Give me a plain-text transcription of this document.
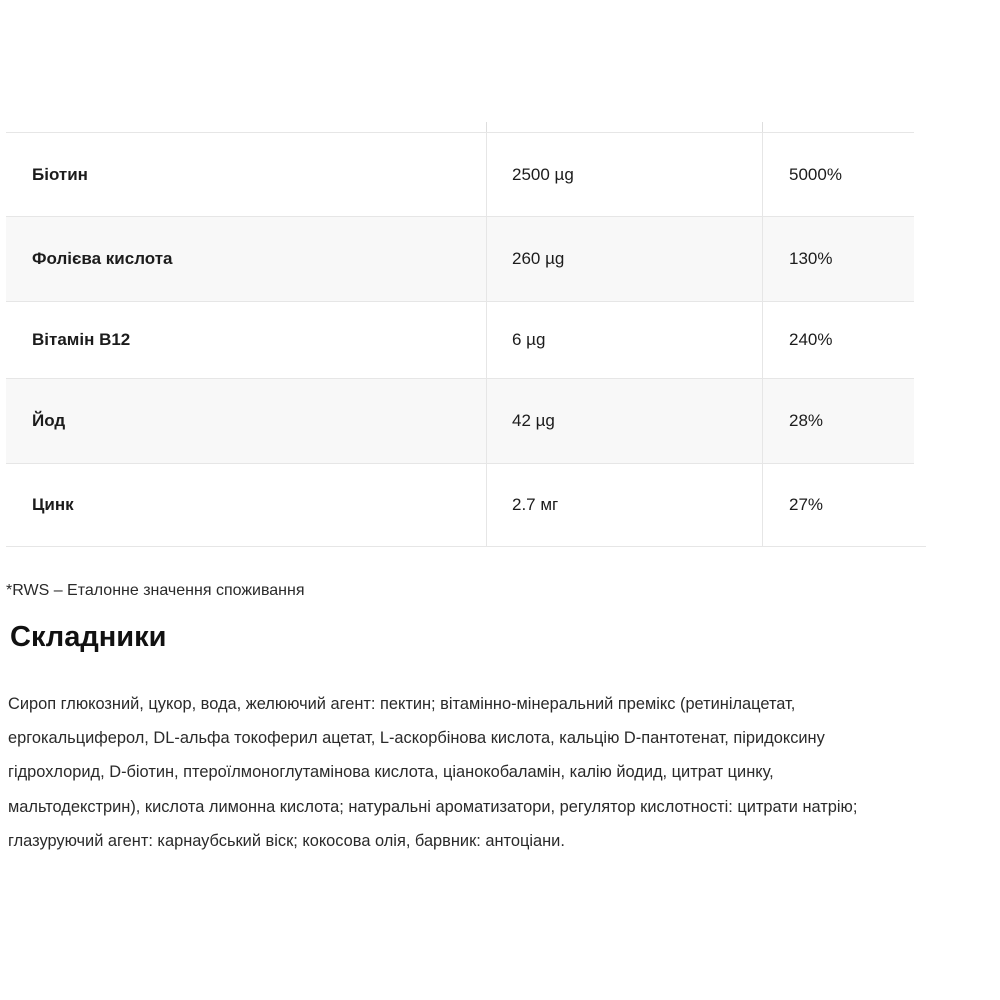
Біотин	2500 µg	5000%
Фолієва кислота	260 µg	130%
Вітамін B12	6 µg	240%
Йод	42 µg	28%
Цинк	2.7 мг	27%
*RWS – Еталонне значення споживання
Складники

Сироп глюкозний, цукор, вода, желюючий агент: пектин; вітамінно-мінеральний премікс (ретинілацетат,
ергокальциферол, DL-альфа токоферил ацетат, L-аскорбінова кислота, кальцію D-пантотенат, піридоксину
гідрохлорид, D-біотин, птероїлмоноглутамінова кислота, ціанокобаламін, калію йодид, цитрат цинку,
мальтодекстрин), кислота лимонна кислота; натуральні ароматизатори, регулятор кислотності: цитрати натрію;
глазуруючий агент: карнаубський віск; кокосова олія, барвник: антоціани.
